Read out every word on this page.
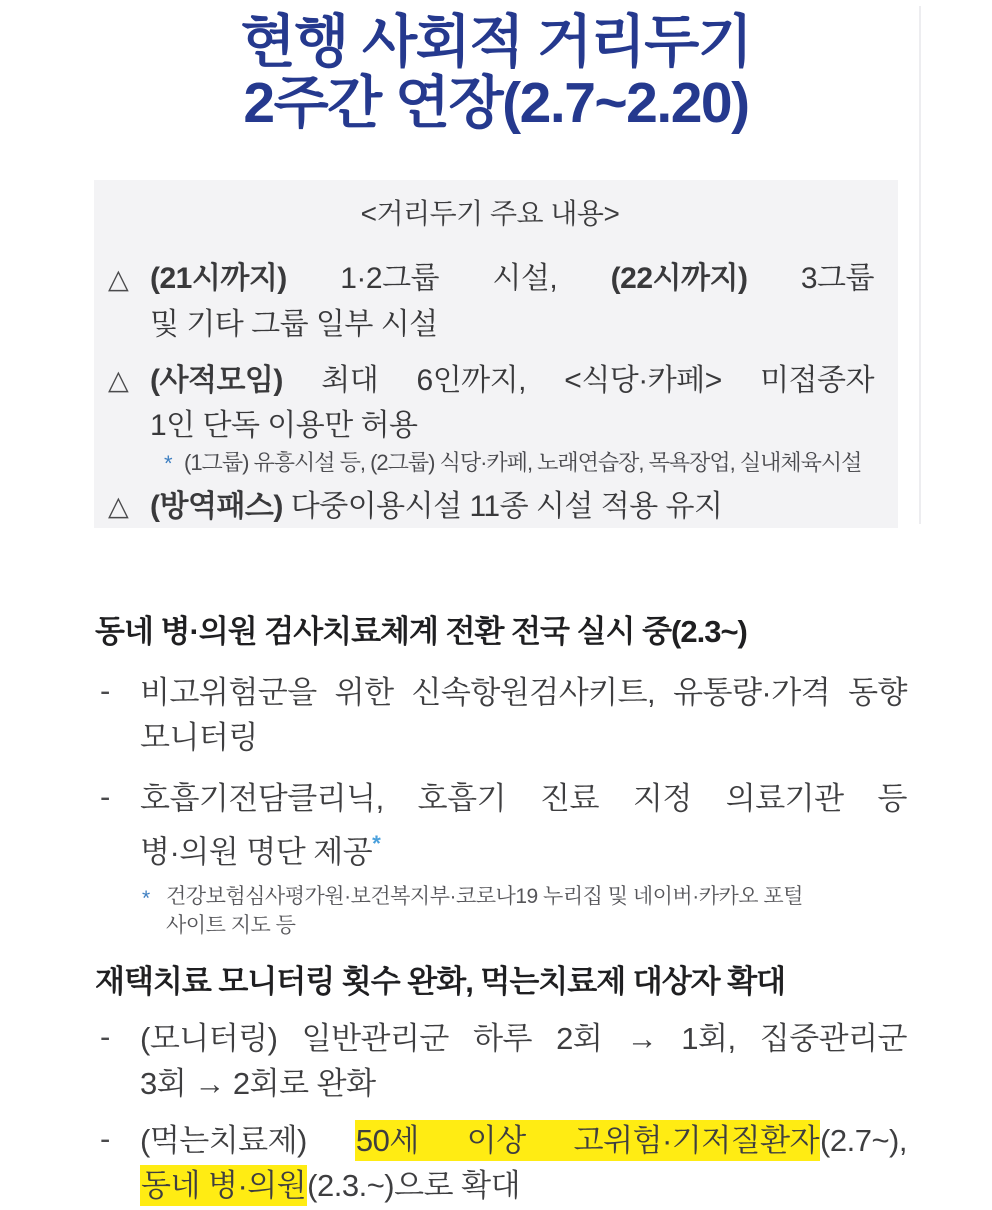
현행 사회적 거리두기
2주간 연장(2.7~2.20)
<거리두기 주요 내용>
△ (21시까지) 1·2그룹 시설, (22시까지) 3그룹
및 기타 그룹 일부 시설
△ (사적모임) 최대 6인까지, <식당·카페> 미접종자
1인 단독 이용만 허용
* (1그룹) 유흥시설 등, (2그룹) 식당·카페, 노래연습장, 목욕장업, 실내체육시설
△ (방역패스) 다중이용시설 11종 시설 적용 유지
동네 병·의원 검사치료체계 전환 전국 실시 중(2.3~)
- 비고위험군을 위한 신속항원검사키트, 유통량·가격 동향
모니터링
- 호흡기전담클리닉, 호흡기 진료 지정 의료기관 등
병·의원 명단 제공*
* 건강보험심사평가원·보건복지부·코로나19 누리집 및 네이버·카카오 포털
사이트 지도 등
재택치료 모니터링 횟수 완화, 먹는치료제 대상자 확대
- (모니터링) 일반관리군 하루 2회 → 1회, 집중관리군
3회 → 2회로 완화
- (먹는치료제) 50세 이상 고위험·기저질환자(2.7~),
동네 병·의원(2.3.~)으로 확대
